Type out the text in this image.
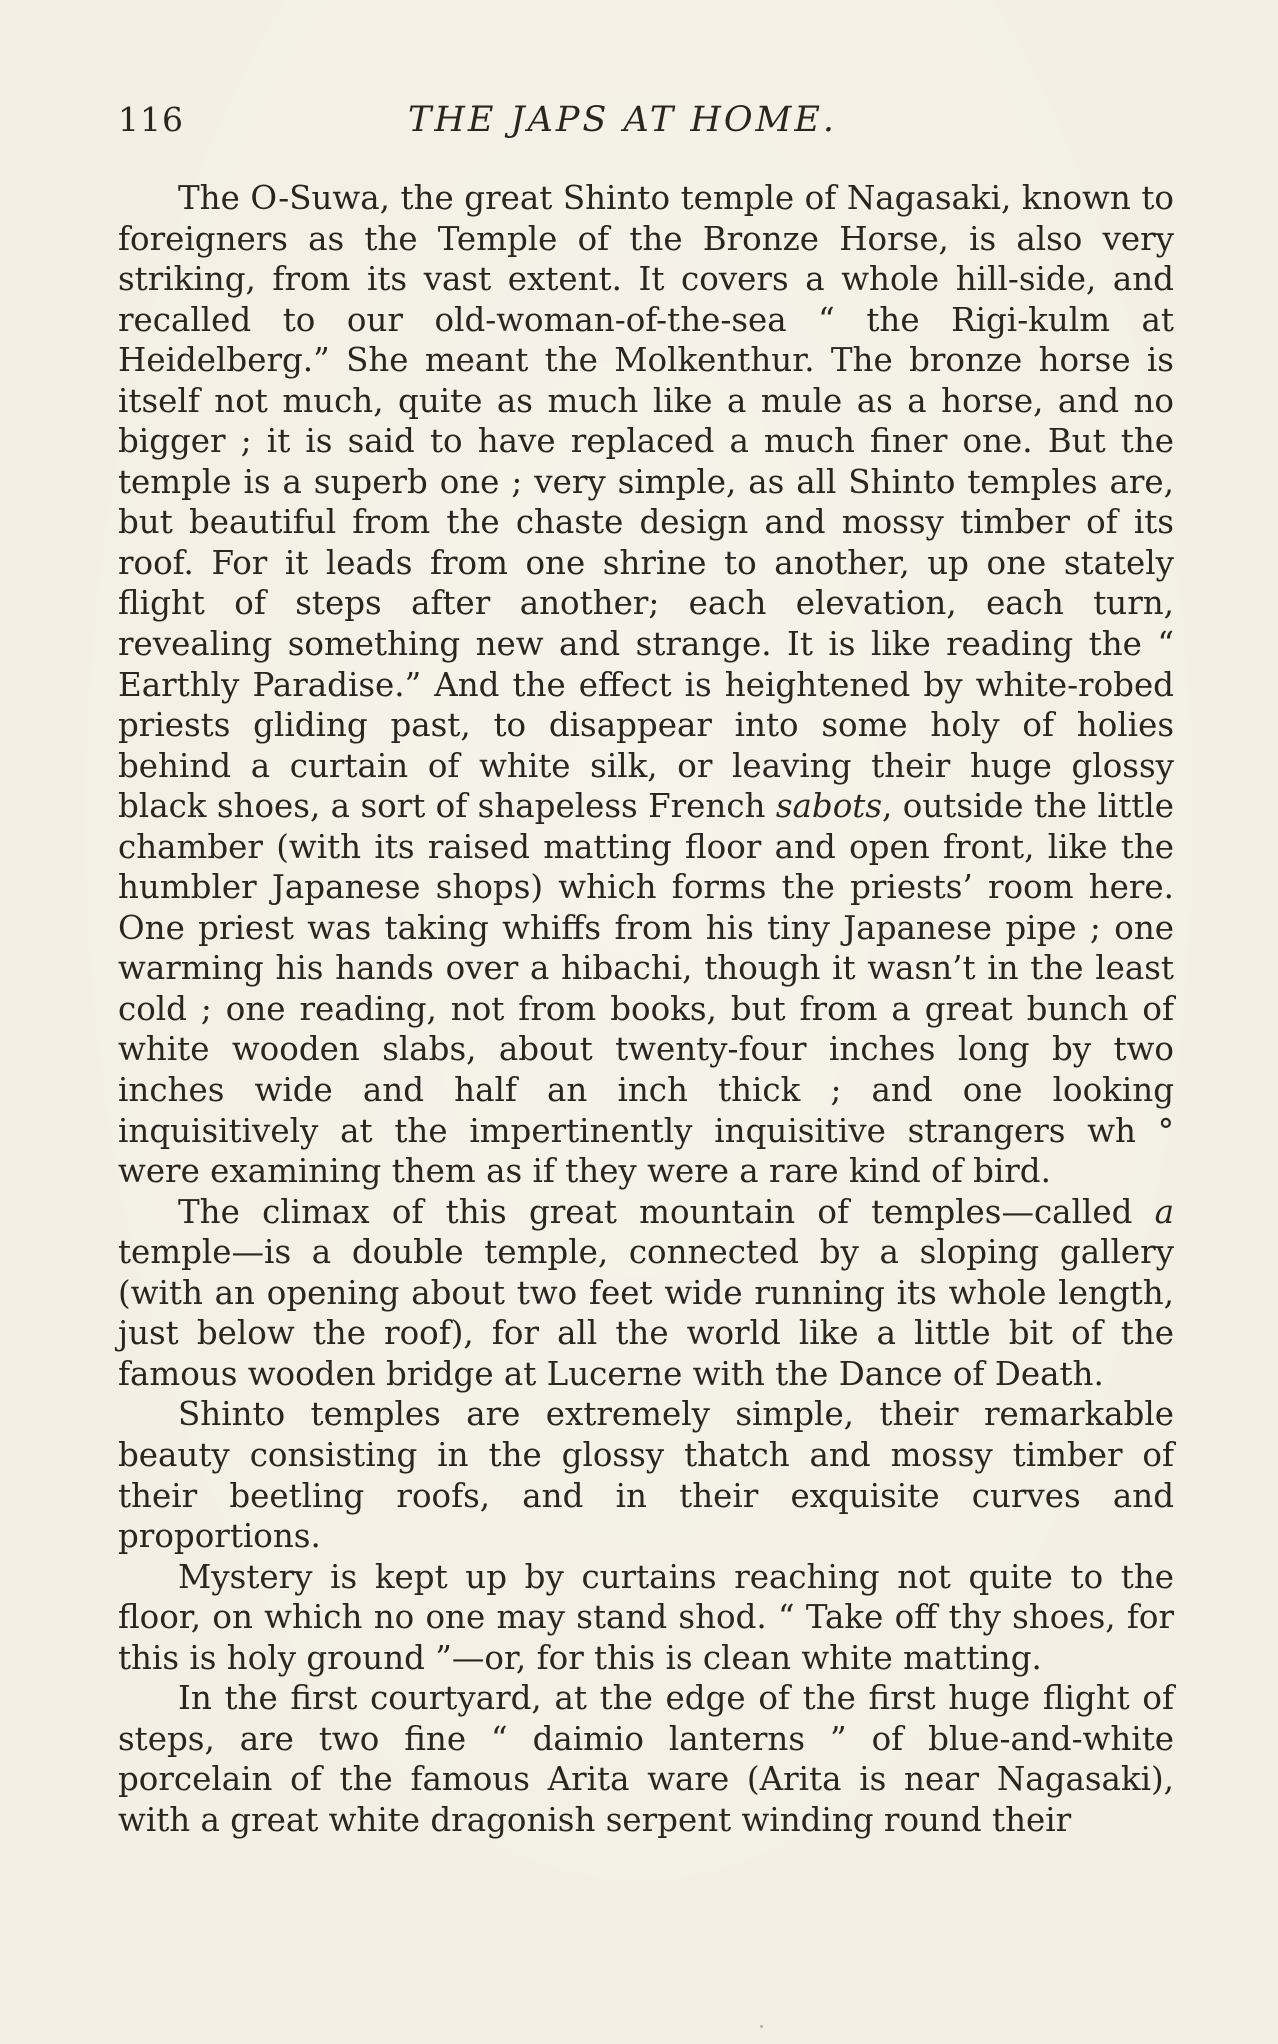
116	THE JAPS AT HOME.

The O-Suwa, the great Shinto temple of Nagasaki, known to foreigners as the Temple of the Bronze Horse, is also very striking, from its vast extent. It covers a whole hill-side, and recalled to our old-woman-of-the-sea “ the Rigi-kulm at Heidelberg.” She meant the Molkenthur. The bronze horse is itself not much, quite as much like a mule as a horse, and no bigger ; it is said to have replaced a much finer one. But the temple is a superb one ; very simple, as all Shinto temples are, but beautiful from the chaste design and mossy timber of its roof. For it leads from one shrine to another, up one stately flight of steps after another; each elevation, each turn, revealing something new and strange. It is like reading the “ Earthly Paradise.” And the effect is heightened by white-robed priests gliding past, to disappear into some holy of holies behind a curtain of white silk, or leaving their huge glossy black shoes, a sort of shapeless French sabots, outside the little chamber (with its raised matting floor and open front, like the humbler Japanese shops) which forms the priests’ room here. One priest was taking whiffs from his tiny Japanese pipe ; one warming his hands over a hibachi, though it wasn’t in the least cold ; one reading, not from books, but from a great bunch of white wooden slabs, about twenty-four inches long by two inches wide and half an inch thick ; and one looking inquisitively at the impertinently inquisitive strangers wh ° were examining them as if they were a rare kind of bird.

The climax of this great mountain of temples—called a temple—is a double temple, connected by a sloping gallery (with an opening about two feet wide running its whole length, just below the roof), for all the world like a little bit of the famous wooden bridge at Lucerne with the Dance of Death.

Shinto temples are extremely simple, their remarkable beauty consisting in the glossy thatch and mossy timber of their beetling roofs, and in their exquisite curves and proportions.

Mystery is kept up by curtains reaching not quite to the floor, on which no one may stand shod. “ Take off thy shoes, for this is holy ground ”—or, for this is clean white matting.

In the first courtyard, at the edge of the first huge flight of steps, are two fine “ daimio lanterns ” of blue-and-white porcelain of the famous Arita ware (Arita is near Nagasaki), with a great white dragonish serpent winding round their
